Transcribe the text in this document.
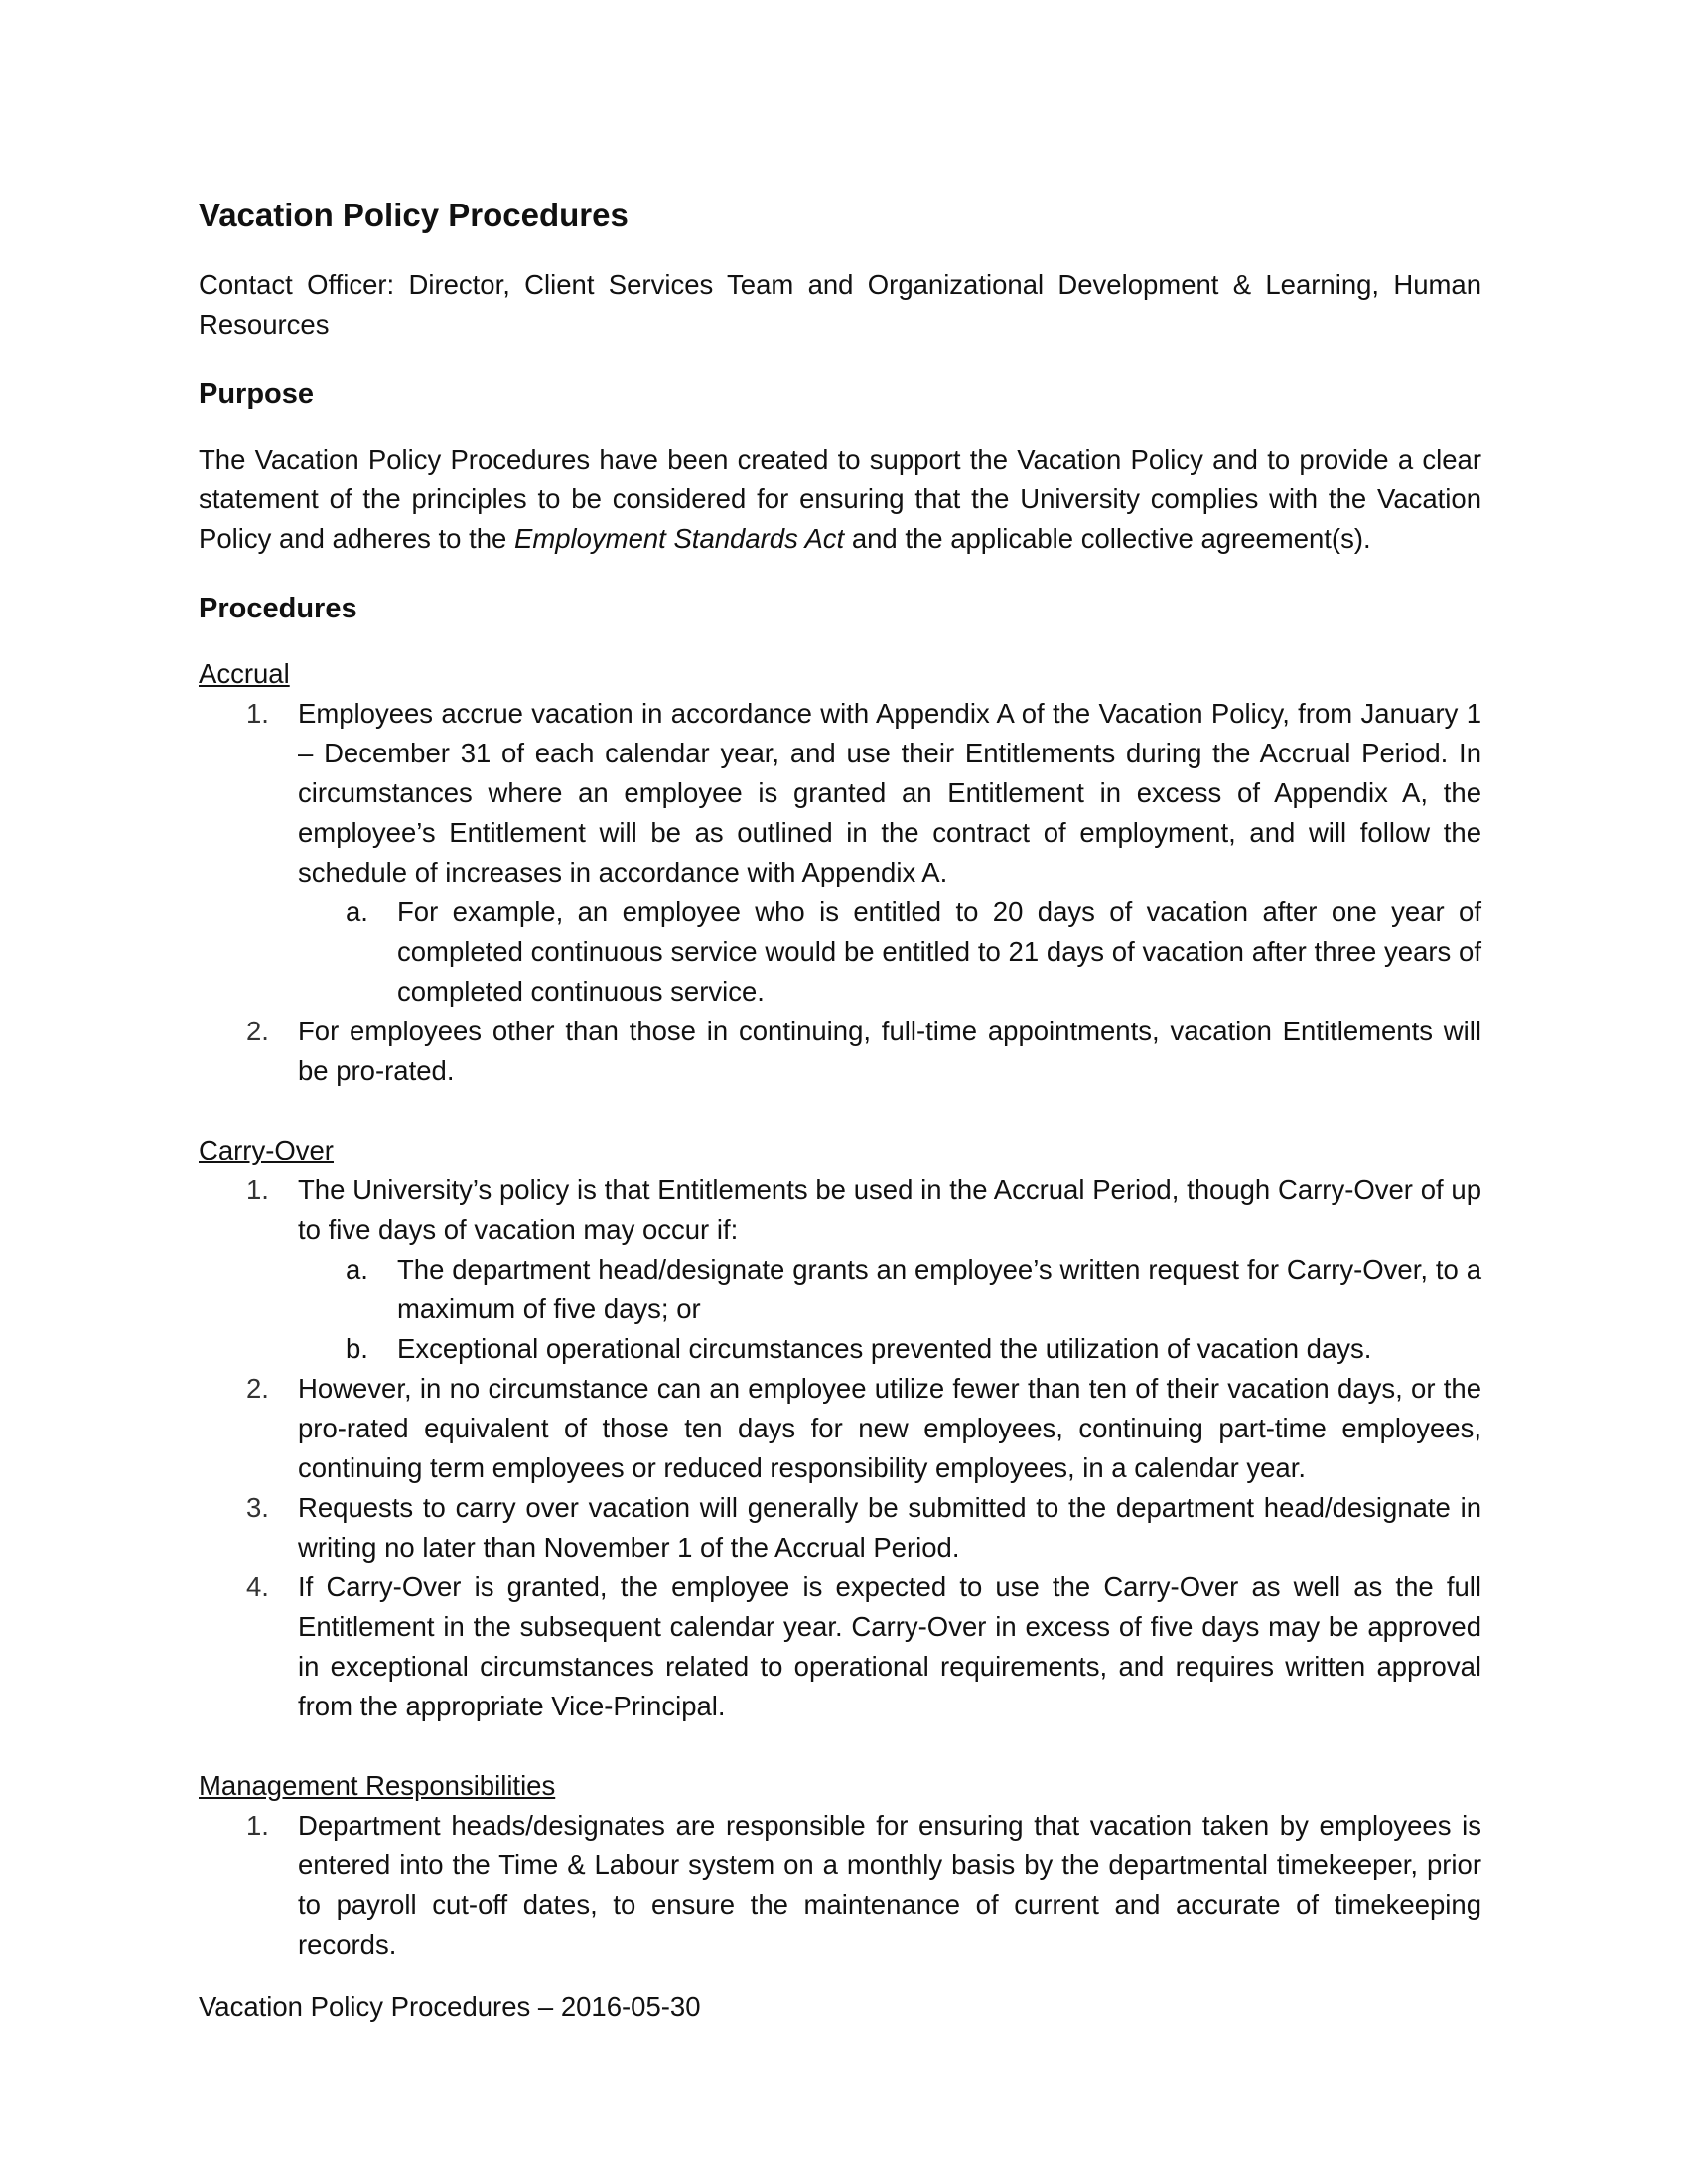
Vacation Policy Procedures

Contact Officer: Director, Client Services Team and Organizational Development & Learning, Human Resources

Purpose

The Vacation Policy Procedures have been created to support the Vacation Policy and to provide a clear statement of the principles to be considered for ensuring that the University complies with the Vacation Policy and adheres to the Employment Standards Act and the applicable collective agreement(s).

Procedures

Accrual

1.	Employees accrue vacation in accordance with Appendix A of the Vacation Policy, from January 1 – December 31 of each calendar year, and use their Entitlements during the Accrual Period. In circumstances where an employee is granted an Entitlement in excess of Appendix A, the employee’s Entitlement will be as outlined in the contract of employment, and will follow the schedule of increases in accordance with Appendix A.
a.	For example, an employee who is entitled to 20 days of vacation after one year of completed continuous service would be entitled to 21 days of vacation after three years of completed continuous service.
2.	For employees other than those in continuing, full-time appointments, vacation Entitlements will be pro-rated.

Carry-Over

1.	The University’s policy is that Entitlements be used in the Accrual Period, though Carry-Over of up to five days of vacation may occur if:
a.	The department head/designate grants an employee’s written request for Carry-Over, to a maximum of five days; or
b.	Exceptional operational circumstances prevented the utilization of vacation days.
2.	However, in no circumstance can an employee utilize fewer than ten of their vacation days, or the pro-rated equivalent of those ten days for new employees, continuing part-time employees, continuing term employees or reduced responsibility employees, in a calendar year.
3.	Requests to carry over vacation will generally be submitted to the department head/designate in writing no later than November 1 of the Accrual Period.
4.	If Carry-Over is granted, the employee is expected to use the Carry-Over as well as the full Entitlement in the subsequent calendar year. Carry-Over in excess of five days may be approved in exceptional circumstances related to operational requirements, and requires written approval from the appropriate Vice-Principal.

Management Responsibilities

1.	Department heads/designates are responsible for ensuring that vacation taken by employees is entered into the Time & Labour system on a monthly basis by the departmental timekeeper, prior to payroll cut-off dates, to ensure the maintenance of current and accurate of timekeeping records.
Vacation Policy Procedures – 2016-05-30
